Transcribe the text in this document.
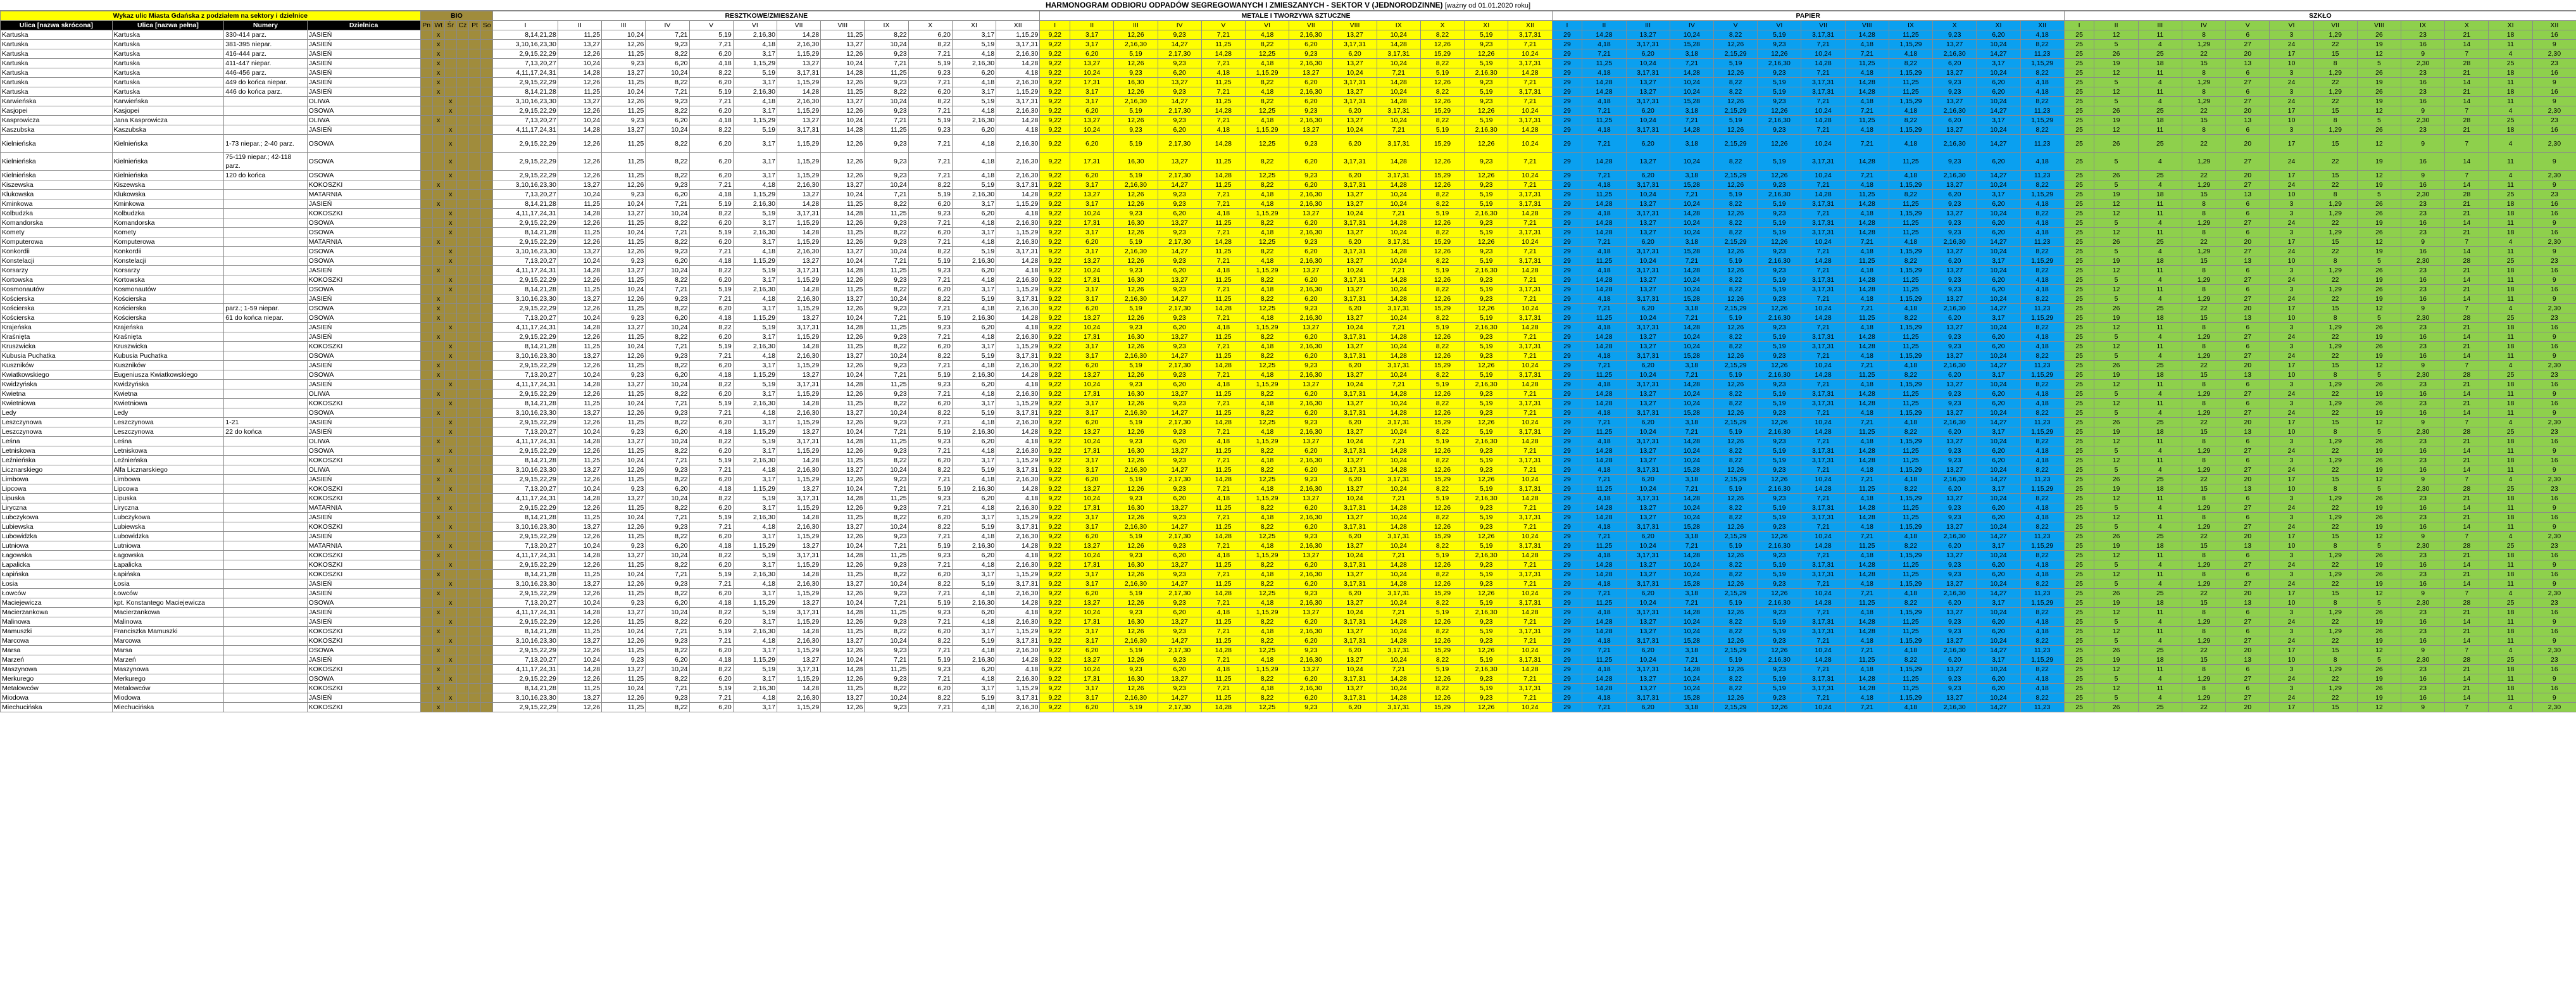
HARMONOGRAM ODBIORU ODPADÓW SEGREGOWANYCH I ZMIESZANYCH - SEKTOR V (JEDNORODZINNE) [ważny od 01.01.2020 roku]
Wykaz ulic Miasta Gdańska z podziałem na sektory i dzielnice				BIO						RESZTKOWE/ZMIESZANE												METALE I TWORZYWA SZTUCZNE												PAPIER												SZKŁO											
Ulica [nazwa skrócona]	Ulica [nazwa pełna]	Numery	Dzielnica	Pn	Wt	Śr	Cz	Pt	So	I	II	III	IV	V	VI	VII	VIII	IX	X	XI	XII	I	II	III	IV	V	VI	VII	VIII	IX	X	XI	XII	I	II	III	IV	V	VI	VII	VIII	IX	X	XI	XII	I	II	III	IV	V	VI	VII	VIII	IX	X	XI	XII
Kartuska	Kartuska	330-414 parz.	JASIEŃ		x					8,14,21,28	11,25	10,24	7,21	5,19	2,16,30	14,28	11,25	8,22	6,20	3,17	1,15,29	9,22	3,17	12,26	9,23	7,21	4,18	2,16,30	13,27	10,24	8,22	5,19	3,17,31	29	14,28	13,27	10,24	8,22	5,19	3,17,31	14,28	11,25	9,23	6,20	4,18	25	12	11	8	6	3	1,29	26	23	21	18	16
Kartuska	Kartuska	381-395 niepar.	JASIEŃ		x					3,10,16,23,30	13,27	12,26	9,23	7,21	4,18	2,16,30	13,27	10,24	8,22	5,19	3,17,31	9,22	3,17	2,16,30	14,27	11,25	8,22	6,20	3,17,31	14,28	12,26	9,23	7,21	29	4,18	3,17,31	15,28	12,26	9,23	7,21	4,18	1,15,29	13,27	10,24	8,22	25	5	4	1,29	27	24	22	19	16	14	11	9
Kartuska	Kartuska	416-444 parz.	JASIEŃ		x					2,9,15,22,29	12,26	11,25	8,22	6,20	3,17	1,15,29	12,26	9,23	7,21	4,18	2,16,30	9,22	6,20	5,19	2,17,30	14,28	12,25	9,23	6,20	3,17,31	15,29	12,26	10,24	29	7,21	6,20	3,18	2,15,29	12,26	10,24	7,21	4,18	2,16,30	14,27	11,23	25	26	25	22	20	17	15	12	9	7	4	2,30
Kartuska	Kartuska	411-447 niepar.	JASIEŃ		x					7,13,20,27	10,24	9,23	6,20	4,18	1,15,29	13,27	10,24	7,21	5,19	2,16,30	14,28	9,22	13,27	12,26	9,23	7,21	4,18	2,16,30	13,27	10,24	8,22	5,19	3,17,31	29	11,25	10,24	7,21	5,19	2,16,30	14,28	11,25	8,22	6,20	3,17	1,15,29	25	19	18	15	13	10	8	5	2,30	28	25	23
Kartuska	Kartuska	446-456 parz.	JASIEŃ		x					4,11,17,24,31	14,28	13,27	10,24	8,22	5,19	3,17,31	14,28	11,25	9,23	6,20	4,18	9,22	10,24	9,23	6,20	4,18	1,15,29	13,27	10,24	7,21	5,19	2,16,30	14,28	29	4,18	3,17,31	14,28	12,26	9,23	7,21	4,18	1,15,29	13,27	10,24	8,22	25	12	11	8	6	3	1,29	26	23	21	18	16
Kartuska	Kartuska	449 do końca niepar.	JASIEŃ		x					2,9,15,22,29	12,26	11,25	8,22	6,20	3,17	1,15,29	12,26	9,23	7,21	4,18	2,16,30	9,22	17,31	16,30	13,27	11,25	8,22	6,20	3,17,31	14,28	12,26	9,23	7,21	29	14,28	13,27	10,24	8,22	5,19	3,17,31	14,28	11,25	9,23	6,20	4,18	25	5	4	1,29	27	24	22	19	16	14	11	9
Kartuska	Kartuska	446 do końca parz.	JASIEŃ		x					8,14,21,28	11,25	10,24	7,21	5,19	2,16,30	14,28	11,25	8,22	6,20	3,17	1,15,29	9,22	3,17	12,26	9,23	7,21	4,18	2,16,30	13,27	10,24	8,22	5,19	3,17,31	29	14,28	13,27	10,24	8,22	5,19	3,17,31	14,28	11,25	9,23	6,20	4,18	25	12	11	8	6	3	1,29	26	23	21	18	16
Karwieńska	Karwieńska		OLIWA			x				3,10,16,23,30	13,27	12,26	9,23	7,21	4,18	2,16,30	13,27	10,24	8,22	5,19	3,17,31	9,22	3,17	2,16,30	14,27	11,25	8,22	6,20	3,17,31	14,28	12,26	9,23	7,21	29	4,18	3,17,31	15,28	12,26	9,23	7,21	4,18	1,15,29	13,27	10,24	8,22	25	5	4	1,29	27	24	22	19	16	14	11	9
Kasjopei	Kasjopei		OSOWA			x				2,9,15,22,29	12,26	11,25	8,22	6,20	3,17	1,15,29	12,26	9,23	7,21	4,18	2,16,30	9,22	6,20	5,19	2,17,30	14,28	12,25	9,23	6,20	3,17,31	15,29	12,26	10,24	29	7,21	6,20	3,18	2,15,29	12,26	10,24	7,21	4,18	2,16,30	14,27	11,23	25	26	25	22	20	17	15	12	9	7	4	2,30
Kasprowicza	Jana Kasprowicza		OLIWA		x					7,13,20,27	10,24	9,23	6,20	4,18	1,15,29	13,27	10,24	7,21	5,19	2,16,30	14,28	9,22	13,27	12,26	9,23	7,21	4,18	2,16,30	13,27	10,24	8,22	5,19	3,17,31	29	11,25	10,24	7,21	5,19	2,16,30	14,28	11,25	8,22	6,20	3,17	1,15,29	25	19	18	15	13	10	8	5	2,30	28	25	23
Kaszubska	Kaszubska		JASIEŃ			x				4,11,17,24,31	14,28	13,27	10,24	8,22	5,19	3,17,31	14,28	11,25	9,23	6,20	4,18	9,22	10,24	9,23	6,20	4,18	1,15,29	13,27	10,24	7,21	5,19	2,16,30	14,28	29	4,18	3,17,31	14,28	12,26	9,23	7,21	4,18	1,15,29	13,27	10,24	8,22	25	12	11	8	6	3	1,29	26	23	21	18	16
Kielnieńska	Kielnieńska	1-73 niepar.; 2-40 parz.	OSOWA			x				2,9,15,22,29	12,26	11,25	8,22	6,20	3,17	1,15,29	12,26	9,23	7,21	4,18	2,16,30	9,22	6,20	5,19	2,17,30	14,28	12,25	9,23	6,20	3,17,31	15,29	12,26	10,24	29	7,21	6,20	3,18	2,15,29	12,26	10,24	7,21	4,18	2,16,30	14,27	11,23	25	26	25	22	20	17	15	12	9	7	4	2,30
Kielnieńska	Kielnieńska	75-119 niepar.; 42-118 parz.	OSOWA			x				2,9,15,22,29	12,26	11,25	8,22	6,20	3,17	1,15,29	12,26	9,23	7,21	4,18	2,16,30	9,22	17,31	16,30	13,27	11,25	8,22	6,20	3,17,31	14,28	12,26	9,23	7,21	29	14,28	13,27	10,24	8,22	5,19	3,17,31	14,28	11,25	9,23	6,20	4,18	25	5	4	1,29	27	24	22	19	16	14	11	9
Kielnieńska	Kielnieńska	120 do końca	OSOWA			x				2,9,15,22,29	12,26	11,25	8,22	6,20	3,17	1,15,29	12,26	9,23	7,21	4,18	2,16,30	9,22	6,20	5,19	2,17,30	14,28	12,25	9,23	6,20	3,17,31	15,29	12,26	10,24	29	7,21	6,20	3,18	2,15,29	12,26	10,24	7,21	4,18	2,16,30	14,27	11,23	25	26	25	22	20	17	15	12	9	7	4	2,30
Kiszewska	Kiszewska		KOKOSZKI		x					3,10,16,23,30	13,27	12,26	9,23	7,21	4,18	2,16,30	13,27	10,24	8,22	5,19	3,17,31	9,22	3,17	2,16,30	14,27	11,25	8,22	6,20	3,17,31	14,28	12,26	9,23	7,21	29	4,18	3,17,31	15,28	12,26	9,23	7,21	4,18	1,15,29	13,27	10,24	8,22	25	5	4	1,29	27	24	22	19	16	14	11	9
Klukowska	Klukowska		MATARNIA			x				7,13,20,27	10,24	9,23	6,20	4,18	1,15,29	13,27	10,24	7,21	5,19	2,16,30	14,28	9,22	13,27	12,26	9,23	7,21	4,18	2,16,30	13,27	10,24	8,22	5,19	3,17,31	29	11,25	10,24	7,21	5,19	2,16,30	14,28	11,25	8,22	6,20	3,17	1,15,29	25	19	18	15	13	10	8	5	2,30	28	25	23
Kminkowa	Kminkowa		JASIEŃ		x					8,14,21,28	11,25	10,24	7,21	5,19	2,16,30	14,28	11,25	8,22	6,20	3,17	1,15,29	9,22	3,17	12,26	9,23	7,21	4,18	2,16,30	13,27	10,24	8,22	5,19	3,17,31	29	14,28	13,27	10,24	8,22	5,19	3,17,31	14,28	11,25	9,23	6,20	4,18	25	12	11	8	6	3	1,29	26	23	21	18	16
Kolbudzka	Kolbudzka		KOKOSZKI			x				4,11,17,24,31	14,28	13,27	10,24	8,22	5,19	3,17,31	14,28	11,25	9,23	6,20	4,18	9,22	10,24	9,23	6,20	4,18	1,15,29	13,27	10,24	7,21	5,19	2,16,30	14,28	29	4,18	3,17,31	14,28	12,26	9,23	7,21	4,18	1,15,29	13,27	10,24	8,22	25	12	11	8	6	3	1,29	26	23	21	18	16
Komandorska	Komandorska		OSOWA			x				2,9,15,22,29	12,26	11,25	8,22	6,20	3,17	1,15,29	12,26	9,23	7,21	4,18	2,16,30	9,22	17,31	16,30	13,27	11,25	8,22	6,20	3,17,31	14,28	12,26	9,23	7,21	29	14,28	13,27	10,24	8,22	5,19	3,17,31	14,28	11,25	9,23	6,20	4,18	25	5	4	1,29	27	24	22	19	16	14	11	9
Komety	Komety		OSOWA			x				8,14,21,28	11,25	10,24	7,21	5,19	2,16,30	14,28	11,25	8,22	6,20	3,17	1,15,29	9,22	3,17	12,26	9,23	7,21	4,18	2,16,30	13,27	10,24	8,22	5,19	3,17,31	29	14,28	13,27	10,24	8,22	5,19	3,17,31	14,28	11,25	9,23	6,20	4,18	25	12	11	8	6	3	1,29	26	23	21	18	16
Komputerowa	Komputerowa		MATARNIA		x					2,9,15,22,29	12,26	11,25	8,22	6,20	3,17	1,15,29	12,26	9,23	7,21	4,18	2,16,30	9,22	6,20	5,19	2,17,30	14,28	12,25	9,23	6,20	3,17,31	15,29	12,26	10,24	29	7,21	6,20	3,18	2,15,29	12,26	10,24	7,21	4,18	2,16,30	14,27	11,23	25	26	25	22	20	17	15	12	9	7	4	2,30
Konkordii	Konkordii		OSOWA			x				3,10,16,23,30	13,27	12,26	9,23	7,21	4,18	2,16,30	13,27	10,24	8,22	5,19	3,17,31	9,22	3,17	2,16,30	14,27	11,25	8,22	6,20	3,17,31	14,28	12,26	9,23	7,21	29	4,18	3,17,31	15,28	12,26	9,23	7,21	4,18	1,15,29	13,27	10,24	8,22	25	5	4	1,29	27	24	22	19	16	14	11	9
Konstelacji	Konstelacji		OSOWA			x				7,13,20,27	10,24	9,23	6,20	4,18	1,15,29	13,27	10,24	7,21	5,19	2,16,30	14,28	9,22	13,27	12,26	9,23	7,21	4,18	2,16,30	13,27	10,24	8,22	5,19	3,17,31	29	11,25	10,24	7,21	5,19	2,16,30	14,28	11,25	8,22	6,20	3,17	1,15,29	25	19	18	15	13	10	8	5	2,30	28	25	23
Korsarzy	Korsarzy		JASIEŃ		x					4,11,17,24,31	14,28	13,27	10,24	8,22	5,19	3,17,31	14,28	11,25	9,23	6,20	4,18	9,22	10,24	9,23	6,20	4,18	1,15,29	13,27	10,24	7,21	5,19	2,16,30	14,28	29	4,18	3,17,31	14,28	12,26	9,23	7,21	4,18	1,15,29	13,27	10,24	8,22	25	12	11	8	6	3	1,29	26	23	21	18	16
Kortowska	Kortowska		KOKOSZKI			x				2,9,15,22,29	12,26	11,25	8,22	6,20	3,17	1,15,29	12,26	9,23	7,21	4,18	2,16,30	9,22	17,31	16,30	13,27	11,25	8,22	6,20	3,17,31	14,28	12,26	9,23	7,21	29	14,28	13,27	10,24	8,22	5,19	3,17,31	14,28	11,25	9,23	6,20	4,18	25	5	4	1,29	27	24	22	19	16	14	11	9
Kosmonautów	Kosmonautów		OSOWA			x				8,14,21,28	11,25	10,24	7,21	5,19	2,16,30	14,28	11,25	8,22	6,20	3,17	1,15,29	9,22	3,17	12,26	9,23	7,21	4,18	2,16,30	13,27	10,24	8,22	5,19	3,17,31	29	14,28	13,27	10,24	8,22	5,19	3,17,31	14,28	11,25	9,23	6,20	4,18	25	12	11	8	6	3	1,29	26	23	21	18	16
Kościerska	Kościerska		JASIEŃ		x					3,10,16,23,30	13,27	12,26	9,23	7,21	4,18	2,16,30	13,27	10,24	8,22	5,19	3,17,31	9,22	3,17	2,16,30	14,27	11,25	8,22	6,20	3,17,31	14,28	12,26	9,23	7,21	29	4,18	3,17,31	15,28	12,26	9,23	7,21	4,18	1,15,29	13,27	10,24	8,22	25	5	4	1,29	27	24	22	19	16	14	11	9
Kościerska	Kościerska	parz.; 1-59 niepar.	OSOWA		x					2,9,15,22,29	12,26	11,25	8,22	6,20	3,17	1,15,29	12,26	9,23	7,21	4,18	2,16,30	9,22	6,20	5,19	2,17,30	14,28	12,25	9,23	6,20	3,17,31	15,29	12,26	10,24	29	7,21	6,20	3,18	2,15,29	12,26	10,24	7,21	4,18	2,16,30	14,27	11,23	25	26	25	22	20	17	15	12	9	7	4	2,30
Kościerska	Kościerska	61 do końca niepar.	OSOWA		x					7,13,20,27	10,24	9,23	6,20	4,18	1,15,29	13,27	10,24	7,21	5,19	2,16,30	14,28	9,22	13,27	12,26	9,23	7,21	4,18	2,16,30	13,27	10,24	8,22	5,19	3,17,31	29	11,25	10,24	7,21	5,19	2,16,30	14,28	11,25	8,22	6,20	3,17	1,15,29	25	19	18	15	13	10	8	5	2,30	28	25	23
Krajeńska	Krajeńska		JASIEŃ			x				4,11,17,24,31	14,28	13,27	10,24	8,22	5,19	3,17,31	14,28	11,25	9,23	6,20	4,18	9,22	10,24	9,23	6,20	4,18	1,15,29	13,27	10,24	7,21	5,19	2,16,30	14,28	29	4,18	3,17,31	14,28	12,26	9,23	7,21	4,18	1,15,29	13,27	10,24	8,22	25	12	11	8	6	3	1,29	26	23	21	18	16
Kraśnięta	Kraśnięta		JASIEŃ		x					2,9,15,22,29	12,26	11,25	8,22	6,20	3,17	1,15,29	12,26	9,23	7,21	4,18	2,16,30	9,22	17,31	16,30	13,27	11,25	8,22	6,20	3,17,31	14,28	12,26	9,23	7,21	29	14,28	13,27	10,24	8,22	5,19	3,17,31	14,28	11,25	9,23	6,20	4,18	25	5	4	1,29	27	24	22	19	16	14	11	9
Kruszwicka	Kruszwicka		KOKOSZKI			x				8,14,21,28	11,25	10,24	7,21	5,19	2,16,30	14,28	11,25	8,22	6,20	3,17	1,15,29	9,22	3,17	12,26	9,23	7,21	4,18	2,16,30	13,27	10,24	8,22	5,19	3,17,31	29	14,28	13,27	10,24	8,22	5,19	3,17,31	14,28	11,25	9,23	6,20	4,18	25	12	11	8	6	3	1,29	26	23	21	18	16
Kubusia Puchatka	Kubusia Puchatka		OSOWA			x				3,10,16,23,30	13,27	12,26	9,23	7,21	4,18	2,16,30	13,27	10,24	8,22	5,19	3,17,31	9,22	3,17	2,16,30	14,27	11,25	8,22	6,20	3,17,31	14,28	12,26	9,23	7,21	29	4,18	3,17,31	15,28	12,26	9,23	7,21	4,18	1,15,29	13,27	10,24	8,22	25	5	4	1,29	27	24	22	19	16	14	11	9
Kuszników	Kuszników		JASIEŃ		x					2,9,15,22,29	12,26	11,25	8,22	6,20	3,17	1,15,29	12,26	9,23	7,21	4,18	2,16,30	9,22	6,20	5,19	2,17,30	14,28	12,25	9,23	6,20	3,17,31	15,29	12,26	10,24	29	7,21	6,20	3,18	2,15,29	12,26	10,24	7,21	4,18	2,16,30	14,27	11,23	25	26	25	22	20	17	15	12	9	7	4	2,30
Kwiatkowskiego	Eugeniusza Kwiatkowskiego		OSOWA		x					7,13,20,27	10,24	9,23	6,20	4,18	1,15,29	13,27	10,24	7,21	5,19	2,16,30	14,28	9,22	13,27	12,26	9,23	7,21	4,18	2,16,30	13,27	10,24	8,22	5,19	3,17,31	29	11,25	10,24	7,21	5,19	2,16,30	14,28	11,25	8,22	6,20	3,17	1,15,29	25	19	18	15	13	10	8	5	2,30	28	25	23
Kwidzyńska	Kwidzyńska		JASIEŃ			x				4,11,17,24,31	14,28	13,27	10,24	8,22	5,19	3,17,31	14,28	11,25	9,23	6,20	4,18	9,22	10,24	9,23	6,20	4,18	1,15,29	13,27	10,24	7,21	5,19	2,16,30	14,28	29	4,18	3,17,31	14,28	12,26	9,23	7,21	4,18	1,15,29	13,27	10,24	8,22	25	12	11	8	6	3	1,29	26	23	21	18	16
Kwietna	Kwietna		OLIWA		x					2,9,15,22,29	12,26	11,25	8,22	6,20	3,17	1,15,29	12,26	9,23	7,21	4,18	2,16,30	9,22	17,31	16,30	13,27	11,25	8,22	6,20	3,17,31	14,28	12,26	9,23	7,21	29	14,28	13,27	10,24	8,22	5,19	3,17,31	14,28	11,25	9,23	6,20	4,18	25	5	4	1,29	27	24	22	19	16	14	11	9
Kwietniowa	Kwietniowa		KOKOSZKI			x				8,14,21,28	11,25	10,24	7,21	5,19	2,16,30	14,28	11,25	8,22	6,20	3,17	1,15,29	9,22	3,17	12,26	9,23	7,21	4,18	2,16,30	13,27	10,24	8,22	5,19	3,17,31	29	14,28	13,27	10,24	8,22	5,19	3,17,31	14,28	11,25	9,23	6,20	4,18	25	12	11	8	6	3	1,29	26	23	21	18	16
Ledy	Ledy		OSOWA		x					3,10,16,23,30	13,27	12,26	9,23	7,21	4,18	2,16,30	13,27	10,24	8,22	5,19	3,17,31	9,22	3,17	2,16,30	14,27	11,25	8,22	6,20	3,17,31	14,28	12,26	9,23	7,21	29	4,18	3,17,31	15,28	12,26	9,23	7,21	4,18	1,15,29	13,27	10,24	8,22	25	5	4	1,29	27	24	22	19	16	14	11	9
Leszczynowa	Leszczynowa	1-21	JASIEŃ			x				2,9,15,22,29	12,26	11,25	8,22	6,20	3,17	1,15,29	12,26	9,23	7,21	4,18	2,16,30	9,22	6,20	5,19	2,17,30	14,28	12,25	9,23	6,20	3,17,31	15,29	12,26	10,24	29	7,21	6,20	3,18	2,15,29	12,26	10,24	7,21	4,18	2,16,30	14,27	11,23	25	26	25	22	20	17	15	12	9	7	4	2,30
Leszczynowa	Leszczynowa	22 do końca	JASIEŃ			x				7,13,20,27	10,24	9,23	6,20	4,18	1,15,29	13,27	10,24	7,21	5,19	2,16,30	14,28	9,22	13,27	12,26	9,23	7,21	4,18	2,16,30	13,27	10,24	8,22	5,19	3,17,31	29	11,25	10,24	7,21	5,19	2,16,30	14,28	11,25	8,22	6,20	3,17	1,15,29	25	19	18	15	13	10	8	5	2,30	28	25	23
Leśna	Leśna		OLIWA		x					4,11,17,24,31	14,28	13,27	10,24	8,22	5,19	3,17,31	14,28	11,25	9,23	6,20	4,18	9,22	10,24	9,23	6,20	4,18	1,15,29	13,27	10,24	7,21	5,19	2,16,30	14,28	29	4,18	3,17,31	14,28	12,26	9,23	7,21	4,18	1,15,29	13,27	10,24	8,22	25	12	11	8	6	3	1,29	26	23	21	18	16
Letniskowa	Letniskowa		OSOWA			x				2,9,15,22,29	12,26	11,25	8,22	6,20	3,17	1,15,29	12,26	9,23	7,21	4,18	2,16,30	9,22	17,31	16,30	13,27	11,25	8,22	6,20	3,17,31	14,28	12,26	9,23	7,21	29	14,28	13,27	10,24	8,22	5,19	3,17,31	14,28	11,25	9,23	6,20	4,18	25	5	4	1,29	27	24	22	19	16	14	11	9
Leźnieńska	Leźnieńska		KOKOSZKI		x					8,14,21,28	11,25	10,24	7,21	5,19	2,16,30	14,28	11,25	8,22	6,20	3,17	1,15,29	9,22	3,17	12,26	9,23	7,21	4,18	2,16,30	13,27	10,24	8,22	5,19	3,17,31	29	14,28	13,27	10,24	8,22	5,19	3,17,31	14,28	11,25	9,23	6,20	4,18	25	12	11	8	6	3	1,29	26	23	21	18	16
Licznarskiego	Alfa Licznarskiego		OLIWA			x				3,10,16,23,30	13,27	12,26	9,23	7,21	4,18	2,16,30	13,27	10,24	8,22	5,19	3,17,31	9,22	3,17	2,16,30	14,27	11,25	8,22	6,20	3,17,31	14,28	12,26	9,23	7,21	29	4,18	3,17,31	15,28	12,26	9,23	7,21	4,18	1,15,29	13,27	10,24	8,22	25	5	4	1,29	27	24	22	19	16	14	11	9
Limbowa	Limbowa		JASIEŃ		x					2,9,15,22,29	12,26	11,25	8,22	6,20	3,17	1,15,29	12,26	9,23	7,21	4,18	2,16,30	9,22	6,20	5,19	2,17,30	14,28	12,25	9,23	6,20	3,17,31	15,29	12,26	10,24	29	7,21	6,20	3,18	2,15,29	12,26	10,24	7,21	4,18	2,16,30	14,27	11,23	25	26	25	22	20	17	15	12	9	7	4	2,30
Lipcowa	Lipcowa		KOKOSZKI			x				7,13,20,27	10,24	9,23	6,20	4,18	1,15,29	13,27	10,24	7,21	5,19	2,16,30	14,28	9,22	13,27	12,26	9,23	7,21	4,18	2,16,30	13,27	10,24	8,22	5,19	3,17,31	29	11,25	10,24	7,21	5,19	2,16,30	14,28	11,25	8,22	6,20	3,17	1,15,29	25	19	18	15	13	10	8	5	2,30	28	25	23
Lipuska	Lipuska		KOKOSZKI		x					4,11,17,24,31	14,28	13,27	10,24	8,22	5,19	3,17,31	14,28	11,25	9,23	6,20	4,18	9,22	10,24	9,23	6,20	4,18	1,15,29	13,27	10,24	7,21	5,19	2,16,30	14,28	29	4,18	3,17,31	14,28	12,26	9,23	7,21	4,18	1,15,29	13,27	10,24	8,22	25	12	11	8	6	3	1,29	26	23	21	18	16
Liryczna	Liryczna		MATARNIA			x				2,9,15,22,29	12,26	11,25	8,22	6,20	3,17	1,15,29	12,26	9,23	7,21	4,18	2,16,30	9,22	17,31	16,30	13,27	11,25	8,22	6,20	3,17,31	14,28	12,26	9,23	7,21	29	14,28	13,27	10,24	8,22	5,19	3,17,31	14,28	11,25	9,23	6,20	4,18	25	5	4	1,29	27	24	22	19	16	14	11	9
Lubczykowa	Lubczykowa		JASIEŃ		x					8,14,21,28	11,25	10,24	7,21	5,19	2,16,30	14,28	11,25	8,22	6,20	3,17	1,15,29	9,22	3,17	12,26	9,23	7,21	4,18	2,16,30	13,27	10,24	8,22	5,19	3,17,31	29	14,28	13,27	10,24	8,22	5,19	3,17,31	14,28	11,25	9,23	6,20	4,18	25	12	11	8	6	3	1,29	26	23	21	18	16
Lubiewska	Lubiewska		KOKOSZKI			x				3,10,16,23,30	13,27	12,26	9,23	7,21	4,18	2,16,30	13,27	10,24	8,22	5,19	3,17,31	9,22	3,17	2,16,30	14,27	11,25	8,22	6,20	3,17,31	14,28	12,26	9,23	7,21	29	4,18	3,17,31	15,28	12,26	9,23	7,21	4,18	1,15,29	13,27	10,24	8,22	25	5	4	1,29	27	24	22	19	16	14	11	9
Lubowidzka	Lubowidzka		JASIEŃ		x					2,9,15,22,29	12,26	11,25	8,22	6,20	3,17	1,15,29	12,26	9,23	7,21	4,18	2,16,30	9,22	6,20	5,19	2,17,30	14,28	12,25	9,23	6,20	3,17,31	15,29	12,26	10,24	29	7,21	6,20	3,18	2,15,29	12,26	10,24	7,21	4,18	2,16,30	14,27	11,23	25	26	25	22	20	17	15	12	9	7	4	2,30
Lutniowa	Lutniowa		MATARNIA			x				7,13,20,27	10,24	9,23	6,20	4,18	1,15,29	13,27	10,24	7,21	5,19	2,16,30	14,28	9,22	13,27	12,26	9,23	7,21	4,18	2,16,30	13,27	10,24	8,22	5,19	3,17,31	29	11,25	10,24	7,21	5,19	2,16,30	14,28	11,25	8,22	6,20	3,17	1,15,29	25	19	18	15	13	10	8	5	2,30	28	25	23
Łagowska	Łagowska		KOKOSZKI		x					4,11,17,24,31	14,28	13,27	10,24	8,22	5,19	3,17,31	14,28	11,25	9,23	6,20	4,18	9,22	10,24	9,23	6,20	4,18	1,15,29	13,27	10,24	7,21	5,19	2,16,30	14,28	29	4,18	3,17,31	14,28	12,26	9,23	7,21	4,18	1,15,29	13,27	10,24	8,22	25	12	11	8	6	3	1,29	26	23	21	18	16
Łapalicka	Łapalicka		KOKOSZKI			x				2,9,15,22,29	12,26	11,25	8,22	6,20	3,17	1,15,29	12,26	9,23	7,21	4,18	2,16,30	9,22	17,31	16,30	13,27	11,25	8,22	6,20	3,17,31	14,28	12,26	9,23	7,21	29	14,28	13,27	10,24	8,22	5,19	3,17,31	14,28	11,25	9,23	6,20	4,18	25	5	4	1,29	27	24	22	19	16	14	11	9
Łapińska	Łapińska		KOKOSZKI		x					8,14,21,28	11,25	10,24	7,21	5,19	2,16,30	14,28	11,25	8,22	6,20	3,17	1,15,29	9,22	3,17	12,26	9,23	7,21	4,18	2,16,30	13,27	10,24	8,22	5,19	3,17,31	29	14,28	13,27	10,24	8,22	5,19	3,17,31	14,28	11,25	9,23	6,20	4,18	25	12	11	8	6	3	1,29	26	23	21	18	16
Łosia	Łosia		JASIEŃ			x				3,10,16,23,30	13,27	12,26	9,23	7,21	4,18	2,16,30	13,27	10,24	8,22	5,19	3,17,31	9,22	3,17	2,16,30	14,27	11,25	8,22	6,20	3,17,31	14,28	12,26	9,23	7,21	29	4,18	3,17,31	15,28	12,26	9,23	7,21	4,18	1,15,29	13,27	10,24	8,22	25	5	4	1,29	27	24	22	19	16	14	11	9
Łowców	Łowców		JASIEŃ		x					2,9,15,22,29	12,26	11,25	8,22	6,20	3,17	1,15,29	12,26	9,23	7,21	4,18	2,16,30	9,22	6,20	5,19	2,17,30	14,28	12,25	9,23	6,20	3,17,31	15,29	12,26	10,24	29	7,21	6,20	3,18	2,15,29	12,26	10,24	7,21	4,18	2,16,30	14,27	11,23	25	26	25	22	20	17	15	12	9	7	4	2,30
Maciejewicza	kpt. Konstantego Maciejewicza		OSOWA			x				7,13,20,27	10,24	9,23	6,20	4,18	1,15,29	13,27	10,24	7,21	5,19	2,16,30	14,28	9,22	13,27	12,26	9,23	7,21	4,18	2,16,30	13,27	10,24	8,22	5,19	3,17,31	29	11,25	10,24	7,21	5,19	2,16,30	14,28	11,25	8,22	6,20	3,17	1,15,29	25	19	18	15	13	10	8	5	2,30	28	25	23
Macierzankowa	Macierzankowa		JASIEŃ		x					4,11,17,24,31	14,28	13,27	10,24	8,22	5,19	3,17,31	14,28	11,25	9,23	6,20	4,18	9,22	10,24	9,23	6,20	4,18	1,15,29	13,27	10,24	7,21	5,19	2,16,30	14,28	29	4,18	3,17,31	14,28	12,26	9,23	7,21	4,18	1,15,29	13,27	10,24	8,22	25	12	11	8	6	3	1,29	26	23	21	18	16
Malinowa	Malinowa		JASIEŃ			x				2,9,15,22,29	12,26	11,25	8,22	6,20	3,17	1,15,29	12,26	9,23	7,21	4,18	2,16,30	9,22	17,31	16,30	13,27	11,25	8,22	6,20	3,17,31	14,28	12,26	9,23	7,21	29	14,28	13,27	10,24	8,22	5,19	3,17,31	14,28	11,25	9,23	6,20	4,18	25	5	4	1,29	27	24	22	19	16	14	11	9
Mamuszki	Franciszka Mamuszki		KOKOSZKI		x					8,14,21,28	11,25	10,24	7,21	5,19	2,16,30	14,28	11,25	8,22	6,20	3,17	1,15,29	9,22	3,17	12,26	9,23	7,21	4,18	2,16,30	13,27	10,24	8,22	5,19	3,17,31	29	14,28	13,27	10,24	8,22	5,19	3,17,31	14,28	11,25	9,23	6,20	4,18	25	12	11	8	6	3	1,29	26	23	21	18	16
Marcowa	Marcowa		KOKOSZKI			x				3,10,16,23,30	13,27	12,26	9,23	7,21	4,18	2,16,30	13,27	10,24	8,22	5,19	3,17,31	9,22	3,17	2,16,30	14,27	11,25	8,22	6,20	3,17,31	14,28	12,26	9,23	7,21	29	4,18	3,17,31	15,28	12,26	9,23	7,21	4,18	1,15,29	13,27	10,24	8,22	25	5	4	1,29	27	24	22	19	16	14	11	9
Marsa	Marsa		OSOWA		x					2,9,15,22,29	12,26	11,25	8,22	6,20	3,17	1,15,29	12,26	9,23	7,21	4,18	2,16,30	9,22	6,20	5,19	2,17,30	14,28	12,25	9,23	6,20	3,17,31	15,29	12,26	10,24	29	7,21	6,20	3,18	2,15,29	12,26	10,24	7,21	4,18	2,16,30	14,27	11,23	25	26	25	22	20	17	15	12	9	7	4	2,30
Marzeń	Marzeń		JASIEŃ			x				7,13,20,27	10,24	9,23	6,20	4,18	1,15,29	13,27	10,24	7,21	5,19	2,16,30	14,28	9,22	13,27	12,26	9,23	7,21	4,18	2,16,30	13,27	10,24	8,22	5,19	3,17,31	29	11,25	10,24	7,21	5,19	2,16,30	14,28	11,25	8,22	6,20	3,17	1,15,29	25	19	18	15	13	10	8	5	2,30	28	25	23
Maszynowa	Maszynowa		KOKOSZKI		x					4,11,17,24,31	14,28	13,27	10,24	8,22	5,19	3,17,31	14,28	11,25	9,23	6,20	4,18	9,22	10,24	9,23	6,20	4,18	1,15,29	13,27	10,24	7,21	5,19	2,16,30	14,28	29	4,18	3,17,31	14,28	12,26	9,23	7,21	4,18	1,15,29	13,27	10,24	8,22	25	12	11	8	6	3	1,29	26	23	21	18	16
Merkurego	Merkurego		OSOWA			x				2,9,15,22,29	12,26	11,25	8,22	6,20	3,17	1,15,29	12,26	9,23	7,21	4,18	2,16,30	9,22	17,31	16,30	13,27	11,25	8,22	6,20	3,17,31	14,28	12,26	9,23	7,21	29	14,28	13,27	10,24	8,22	5,19	3,17,31	14,28	11,25	9,23	6,20	4,18	25	5	4	1,29	27	24	22	19	16	14	11	9
Metalowców	Metalowców		KOKOSZKI		x					8,14,21,28	11,25	10,24	7,21	5,19	2,16,30	14,28	11,25	8,22	6,20	3,17	1,15,29	9,22	3,17	12,26	9,23	7,21	4,18	2,16,30	13,27	10,24	8,22	5,19	3,17,31	29	14,28	13,27	10,24	8,22	5,19	3,17,31	14,28	11,25	9,23	6,20	4,18	25	12	11	8	6	3	1,29	26	23	21	18	16
Miodowa	Miodowa		JASIEŃ			x				3,10,16,23,30	13,27	12,26	9,23	7,21	4,18	2,16,30	13,27	10,24	8,22	5,19	3,17,31	9,22	3,17	2,16,30	14,27	11,25	8,22	6,20	3,17,31	14,28	12,26	9,23	7,21	29	4,18	3,17,31	15,28	12,26	9,23	7,21	4,18	1,15,29	13,27	10,24	8,22	25	5	4	1,29	27	24	22	19	16	14	11	9
Miechucińska	Miechucińska		KOKOSZKI		x					2,9,15,22,29	12,26	11,25	8,22	6,20	3,17	1,15,29	12,26	9,23	7,21	4,18	2,16,30	9,22	6,20	5,19	2,17,30	14,28	12,25	9,23	6,20	3,17,31	15,29	12,26	10,24	29	7,21	6,20	3,18	2,15,29	12,26	10,24	7,21	4,18	2,16,30	14,27	11,23	25	26	25	22	20	17	15	12	9	7	4	2,30
